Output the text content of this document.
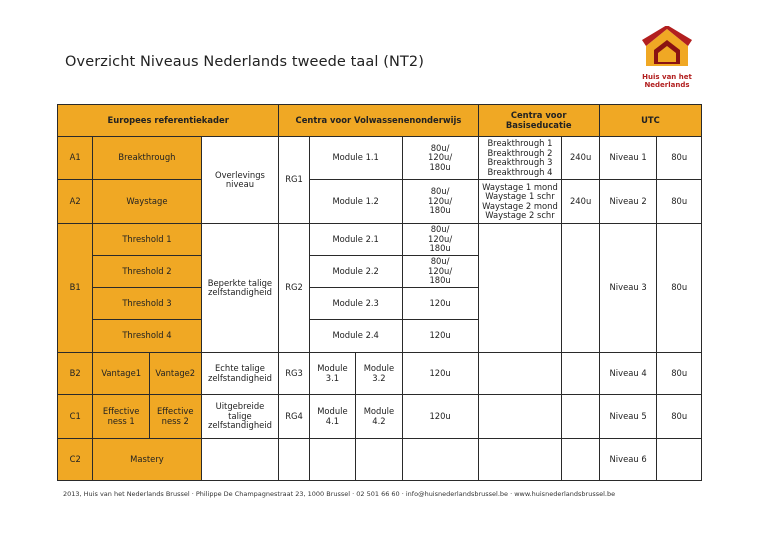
Overzicht Niveaus Nederlands tweede taal (NT2)
Huis van het
Nederlands
Europees referentiekader				Centra voor Volwassenenonderwijs				Centra voor Basiseducatie		UTC	
A1	Breakthrough		Overlevings
niveau	RG1	Module 1.1		80u/
120u/
180u	Breakthrough 1
Breakthrough 2
Breakthrough 3
Breakthrough 4	240u	Niveau 1	80u
A2	Waystage				Module 1.2		80u/
120u/
180u	Waystage 1 mond
Waystage 1 schr
Waystage 2 mond
Waystage 2 schr	240u	Niveau 2	80u
B1	Threshold 1		Beperkte talige
zelfstandigheid	RG2	Module 2.1		80u/
120u/
180u			Niveau 3	80u
	Threshold 2				Module 2.2		80u/
120u/
180u				

	Threshold 3				Module 2.3		120u				
	Threshold 4				Module 2.4		120u				
B2	Vantage1	Vantage2	Echte talige
zelfstandigheid	RG3	Module
3.1	Module
3.2	120u			Niveau 4	80u
C1	Effective
ness 1	Effective
ness 2	Uitgebreide
talige
zelfstandigheid	RG4	Module
4.1	Module
4.2	120u			Niveau 5	80u
C2	Mastery									Niveau 6	
2013, Huis van het Nederlands Brussel · Philippe De Champagnestraat 23, 1000 Brussel · 02 501 66 60 · info@huisnederlandsbrussel.be · www.huisnederlandsbrussel.be
